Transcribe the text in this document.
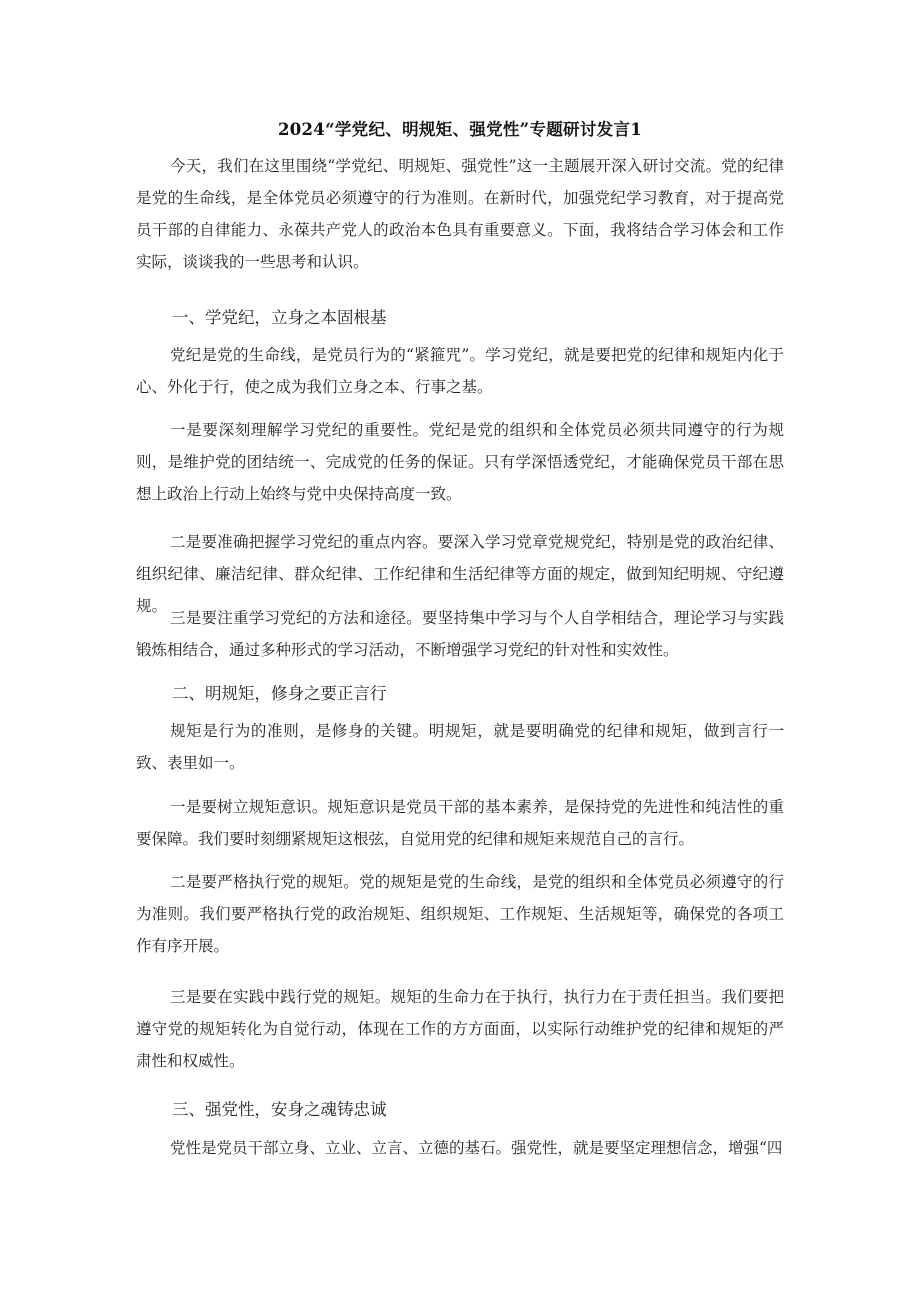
2024“学党纪、明规矩、强党性”专题研讨发言1

今天，我们在这里围绕“学党纪、明规矩、强党性”这一主题展开深入研讨交流。党的纪律是党的生命线，是全体党员必须遵守的行为准则。在新时代，加强党纪学习教育，对于提高党员干部的自律能力、永葆共产党人的政治本色具有重要意义。下面，我将结合学习体会和工作实际，谈谈我的一些思考和认识。

一、学党纪，立身之本固根基

党纪是党的生命线，是党员行为的“紧箍咒”。学习党纪，就是要把党的纪律和规矩内化于心、外化于行，使之成为我们立身之本、行事之基。

一是要深刻理解学习党纪的重要性。党纪是党的组织和全体党员必须共同遵守的行为规则，是维护党的团结统一、完成党的任务的保证。只有学深悟透党纪，才能确保党员干部在思想上政治上行动上始终与党中央保持高度一致。

二是要准确把握学习党纪的重点内容。要深入学习党章党规党纪，特别是党的政治纪律、组织纪律、廉洁纪律、群众纪律、工作纪律和生活纪律等方面的规定，做到知纪明规、守纪遵规。

三是要注重学习党纪的方法和途径。要坚持集中学习与个人自学相结合，理论学习与实践锻炼相结合，通过多种形式的学习活动，不断增强学习党纪的针对性和实效性。

二、明规矩，修身之要正言行

规矩是行为的准则，是修身的关键。明规矩，就是要明确党的纪律和规矩，做到言行一致、表里如一。

一是要树立规矩意识。规矩意识是党员干部的基本素养，是保持党的先进性和纯洁性的重要保障。我们要时刻绷紧规矩这根弦，自觉用党的纪律和规矩来规范自己的言行。

二是要严格执行党的规矩。党的规矩是党的生命线，是党的组织和全体党员必须遵守的行为准则。我们要严格执行党的政治规矩、组织规矩、工作规矩、生活规矩等，确保党的各项工作有序开展。

三是要在实践中践行党的规矩。规矩的生命力在于执行，执行力在于责任担当。我们要把遵守党的规矩转化为自觉行动，体现在工作的方方面面，以实际行动维护党的纪律和规矩的严肃性和权威性。

三、强党性，安身之魂铸忠诚

党性是党员干部立身、立业、立言、立德的基石。强党性，就是要坚定理想信念，增强“四
